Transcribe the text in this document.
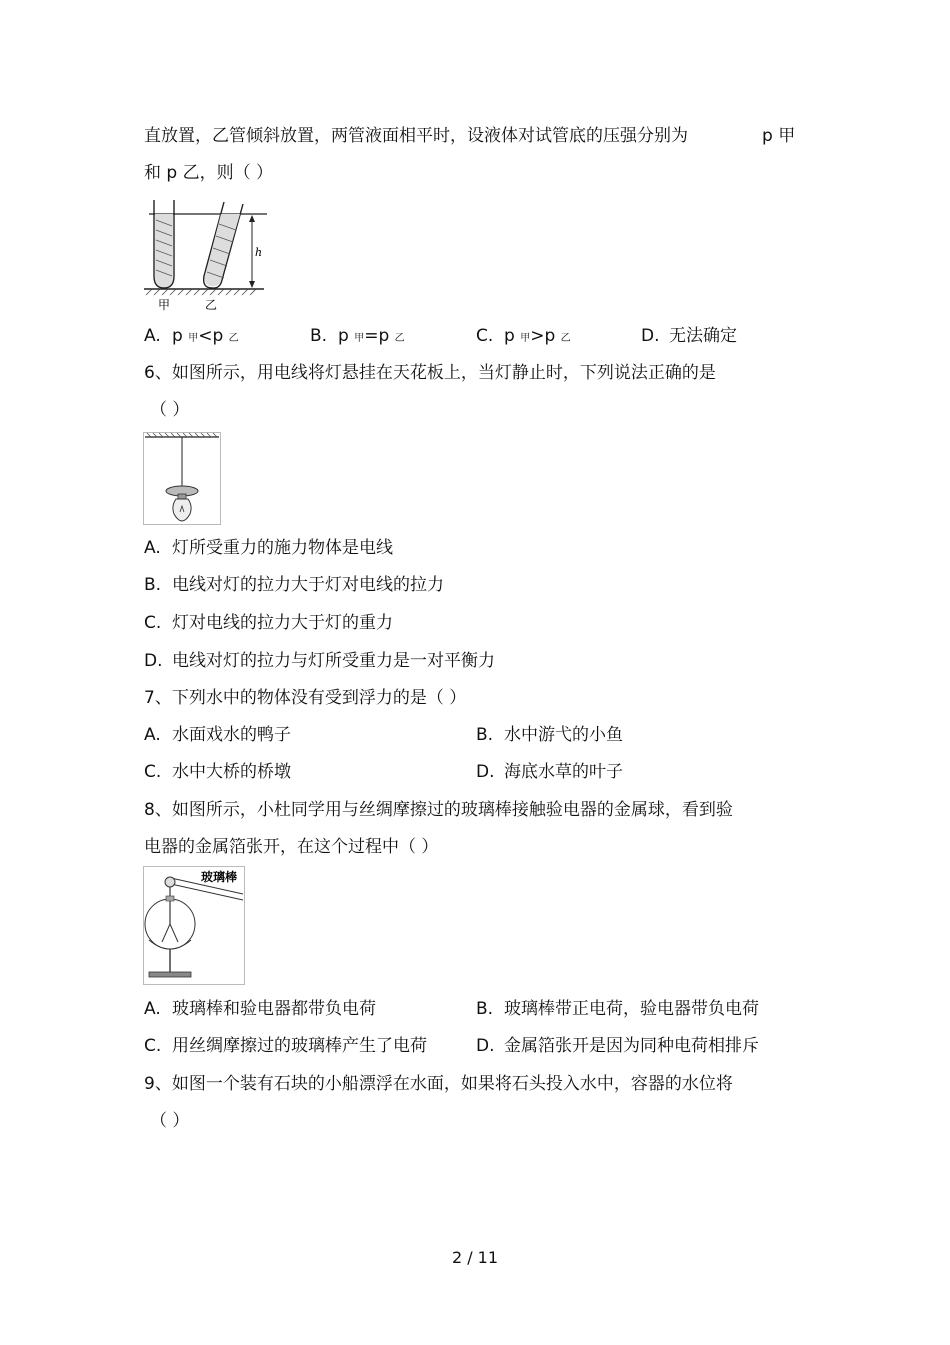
直放置，乙管倾斜放置，两管液面相平时，设液体对试管底的压强分别为	p 甲
和 p 乙，则（ ）
h
甲	乙
A. p 甲<p 乙	B. p 甲=p 乙	C. p 甲>p 乙	D. 无法确定
6、如图所示，用电线将灯悬挂在天花板上，当灯静止时，下列说法正确的是
（ ）
A. 灯所受重力的施力物体是电线
B. 电线对灯的拉力大于灯对电线的拉力
C. 灯对电线的拉力大于灯的重力
D. 电线对灯的拉力与灯所受重力是一对平衡力
7、下列水中的物体没有受到浮力的是（ ）
A. 水面戏水的鸭子	B. 水中游弋的小鱼
C. 水中大桥的桥墩	D. 海底水草的叶子
8、如图所示，小杜同学用与丝绸摩擦过的玻璃棒接触验电器的金属球，看到验
电器的金属箔张开，在这个过程中（ ）
玻璃棒
A. 玻璃棒和验电器都带负电荷	B. 玻璃棒带正电荷，验电器带负电荷
C. 用丝绸摩擦过的玻璃棒产生了电荷	D. 金属箔张开是因为同种电荷相排斥
9、如图一个装有石块的小船漂浮在水面，如果将石头投入水中，容器的水位将
（ ）
2 / 11
